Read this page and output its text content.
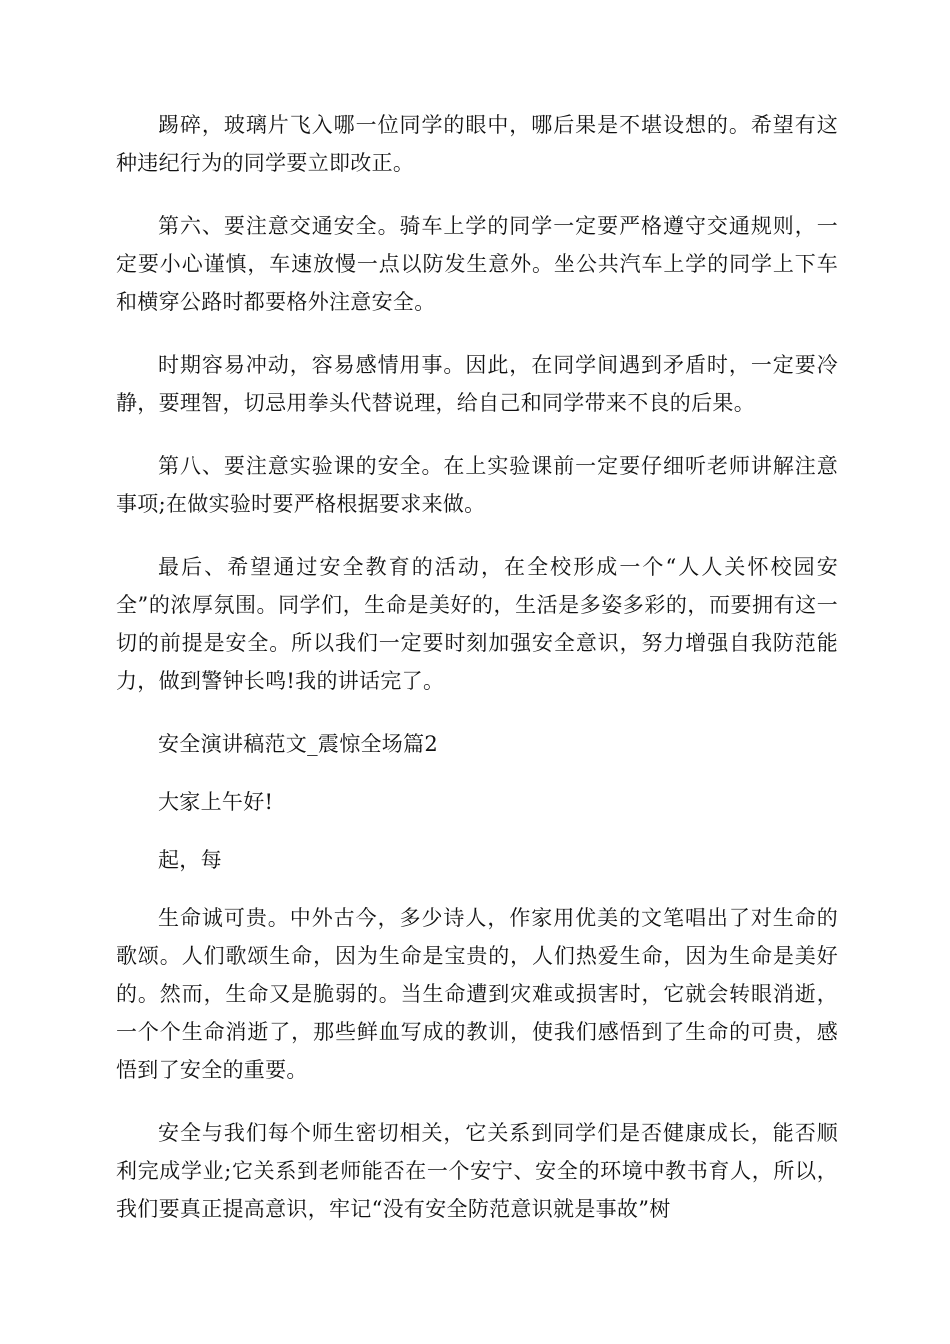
踢碎，玻璃片飞入哪一位同学的眼中，哪后果是不堪设想的。希望有这种违纪行为的同学要立即改正。

第六、要注意交通安全。骑车上学的同学一定要严格遵守交通规则，一定要小心谨慎，车速放慢一点以防发生意外。坐公共汽车上学的同学上下车和横穿公路时都要格外注意安全。

时期容易冲动，容易感情用事。因此，在同学间遇到矛盾时，一定要冷静，要理智，切忌用拳头代替说理，给自己和同学带来不良的后果。

第八、要注意实验课的安全。在上实验课前一定要仔细听老师讲解注意事项;在做实验时要严格根据要求来做。

最后、希望通过安全教育的活动，在全校形成一个“人人关怀校园安全”的浓厚氛围。同学们，生命是美好的，生活是多姿多彩的，而要拥有这一切的前提是安全。所以我们一定要时刻加强安全意识，努力增强自我防范能力，做到警钟长鸣!我的讲话完了。

安全演讲稿范文_震惊全场篇2

大家上午好!

起，每

生命诚可贵。中外古今，多少诗人，作家用优美的文笔唱出了对生命的歌颂。人们歌颂生命，因为生命是宝贵的，人们热爱生命，因为生命是美好的。然而，生命又是脆弱的。当生命遭到灾难或损害时，它就会转眼消逝，一个个生命消逝了，那些鲜血写成的教训，使我们感悟到了生命的可贵，感悟到了安全的重要。

安全与我们每个师生密切相关，它关系到同学们是否健康成长，能否顺利完成学业;它关系到老师能否在一个安宁、安全的环境中教书育人，所以，我们要真正提高意识，牢记“没有安全防范意识就是事故”树
